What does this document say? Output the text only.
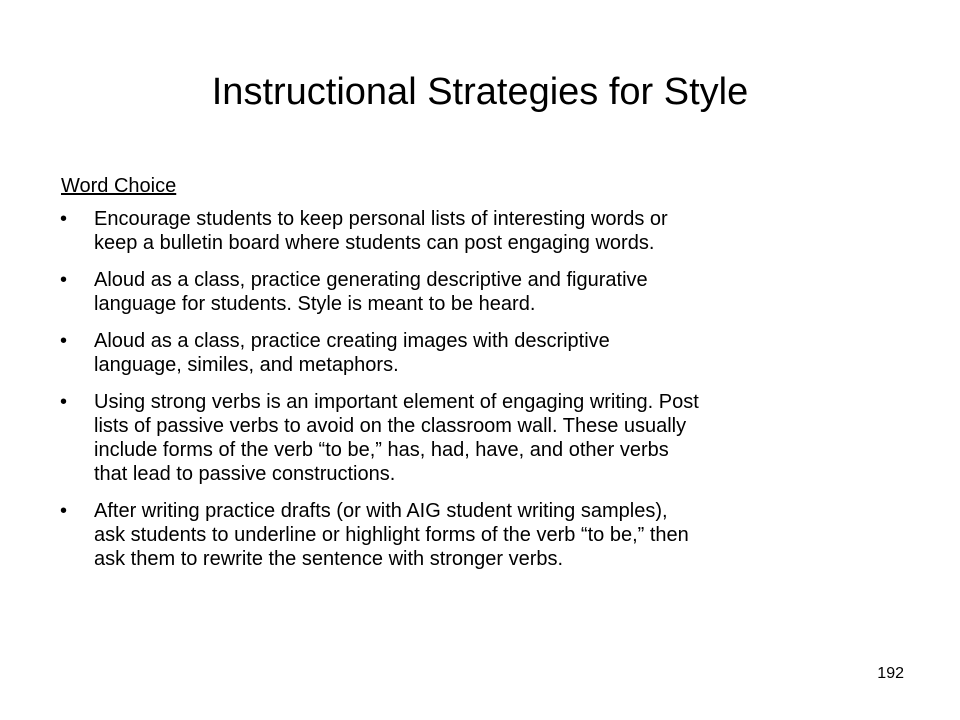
Instructional Strategies for Style
Word Choice
• Encourage students to keep personal lists of interesting words or
keep a bulletin board where students can post engaging words.
• Aloud as a class, practice generating descriptive and figurative
language for students. Style is meant to be heard.
• Aloud as a class, practice creating images with descriptive
language, similes, and metaphors.
• Using strong verbs is an important element of engaging writing. Post
lists of passive verbs to avoid on the classroom wall. These usually
include forms of the verb “to be,” has, had, have, and other verbs
that lead to passive constructions.
• After writing practice drafts (or with AIG student writing samples),
ask students to underline or highlight forms of the verb “to be,” then
ask them to rewrite the sentence with stronger verbs.
192
